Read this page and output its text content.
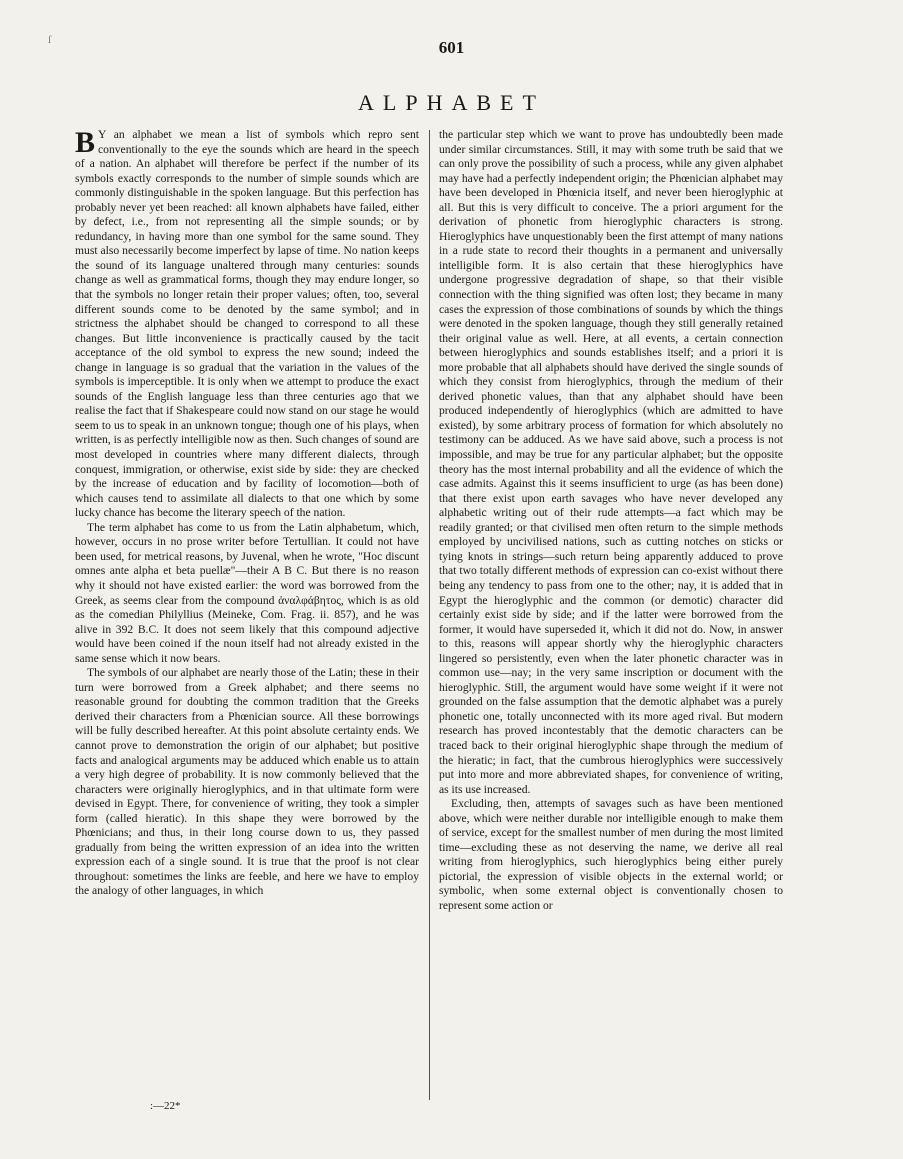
ſ	601
ALPHABET

B Y an alphabet we mean a list of symbols which repro sent conventionally to the eye the sounds which are heard in the speech of a nation. An alphabet will therefore be perfect if the number of its symbols exactly corresponds to the number of simple sounds which are commonly distinguishable in the spoken language. But this perfection has probably never yet been reached: all known alphabets have failed, either by defect, i.e., from not representing all the simple sounds; or by redundancy, in having more than one symbol for the same sound. They must also necessarily become imperfect by lapse of time. No nation keeps the sound of its language unaltered through many centuries: sounds change as well as grammatical forms, though they may endure longer, so that the symbols no longer retain their proper values; often, too, several different sounds come to be denoted by the same symbol; and in strictness the alphabet should be changed to correspond to all these changes. But little inconvenience is practically caused by the tacit acceptance of the old symbol to express the new sound; indeed the change in language is so gradual that the variation in the values of the symbols is imperceptible. It is only when we attempt to produce the exact sounds of the English language less than three centuries ago that we realise the fact that if Shakespeare could now stand on our stage he would seem to us to speak in an unknown tongue; though one of his plays, when written, is as perfectly intelligible now as then. Such changes of sound are most developed in countries where many different dialects, through conquest, immigration, or otherwise, exist side by side: they are checked by the increase of education and by facility of locomotion—both of which causes tend to assimilate all dialects to that one which by some lucky chance has become the literary speech of the nation.

The term alphabet has come to us from the Latin alphabetum, which, however, occurs in no prose writer before Tertullian. It could not have been used, for metrical reasons, by Juvenal, when he wrote, "Hoc discunt omnes ante alpha et beta puellæ"—their A B C. But there is no reason why it should not have existed earlier: the word was borrowed from the Greek, as seems clear from the compound ἀναλφάβητος, which is as old as the comedian Philyllius (Meineke, Com. Frag. ii. 857), and he was alive in 392 B.C. It does not seem likely that this compound adjective would have been coined if the noun itself had not already existed in the same sense which it now bears.

The symbols of our alphabet are nearly those of the Latin; these in their turn were borrowed from a Greek alphabet; and there seems no reasonable ground for doubting the common tradition that the Greeks derived their characters from a Phœnician source. All these borrowings will be fully described hereafter. At this point absolute certainty ends. We cannot prove to demonstration the origin of our alphabet; but positive facts and analogical arguments may be adduced which enable us to attain a very high degree of probability. It is now commonly believed that the characters were originally hieroglyphics, and in that ultimate form were devised in Egypt. There, for convenience of writing, they took a simpler form (called hieratic). In this shape they were borrowed by the Phœnicians; and thus, in their long course down to us, they passed gradually from being the written expression of an idea into the written expression each of a single sound. It is true that the proof is not clear throughout: sometimes the links are feeble, and here we have to employ the analogy of other languages, in which

the particular step which we want to prove has undoubtedly been made under similar circumstances. Still, it may with some truth be said that we can only prove the possibility of such a process, while any given alphabet may have had a perfectly independent origin; the Phœnician alphabet may have been developed in Phœnicia itself, and never been hieroglyphic at all. But this is very difficult to conceive. The a priori argument for the derivation of phonetic from hieroglyphic characters is strong. Hieroglyphics have unquestionably been the first attempt of many nations in a rude state to record their thoughts in a permanent and universally intelligible form. It is also certain that these hieroglyphics have undergone progressive degradation of shape, so that their visible connection with the thing signified was often lost; they became in many cases the expression of those combinations of sounds by which the things were denoted in the spoken language, though they still generally retained their original value as well. Here, at all events, a certain connection between hieroglyphics and sounds establishes itself; and a priori it is more probable that all alphabets should have derived the single sounds of which they consist from hieroglyphics, through the medium of their derived phonetic values, than that any alphabet should have been produced independently of hieroglyphics (which are admitted to have existed), by some arbitrary process of formation for which absolutely no testimony can be adduced. As we have said above, such a process is not impossible, and may be true for any particular alphabet; but the opposite theory has the most internal probability and all the evidence of which the case admits. Against this it seems insufficient to urge (as has been done) that there exist upon earth savages who have never developed any alphabetic writing out of their rude attempts—a fact which may be readily granted; or that civilised men often return to the simple methods employed by uncivilised nations, such as cutting notches on sticks or tying knots in strings—such return being apparently adduced to prove that two totally different methods of expression can co-exist without there being any tendency to pass from one to the other; nay, it is added that in Egypt the hieroglyphic and the common (or demotic) character did certainly exist side by side; and if the latter were borrowed from the former, it would have superseded it, which it did not do. Now, in answer to this, reasons will appear shortly why the hieroglyphic characters lingered so persistently, even when the later phonetic character was in common use—nay; in the very same inscription or document with the hieroglyphic. Still, the argument would have some weight if it were not grounded on the false assumption that the demotic alphabet was a purely phonetic one, totally unconnected with its more aged rival. But modern research has proved incontestably that the demotic characters can be traced back to their original hieroglyphic shape through the medium of the hieratic; in fact, that the cumbrous hieroglyphics were successively put into more and more abbreviated shapes, for convenience of writing, as its use increased.

Excluding, then, attempts of savages such as have been mentioned above, which were neither durable nor intelligible enough to make them of service, except for the smallest number of men during the most limited time—excluding these as not deserving the name, we derive all real writing from hieroglyphics, such hieroglyphics being either purely pictorial, the expression of visible objects in the external world; or symbolic, when some external object is conventionally chosen to represent some action or

:—22*
